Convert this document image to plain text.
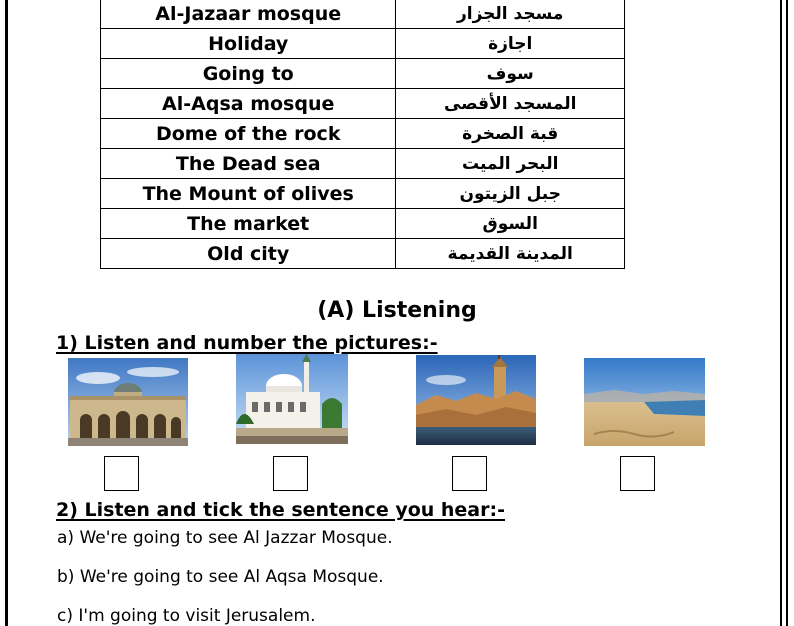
Al-Jazaar mosque	مسجد الجزار
Holiday	اجازة
Going to	سوف
Al-Aqsa mosque	المسجد الأقصى
Dome of the rock	قبة الصخرة
The Dead sea	البحر الميت
The Mount of olives	جبل الزيتون
The market	السوق
Old city	المدينة القديمة
(A) Listening
1) Listen and number the pictures:-
2) Listen and tick the sentence you hear:-
a) We're going to see Al Jazzar Mosque.
b) We're going to see Al Aqsa Mosque.
c) I'm going to visit Jerusalem.
